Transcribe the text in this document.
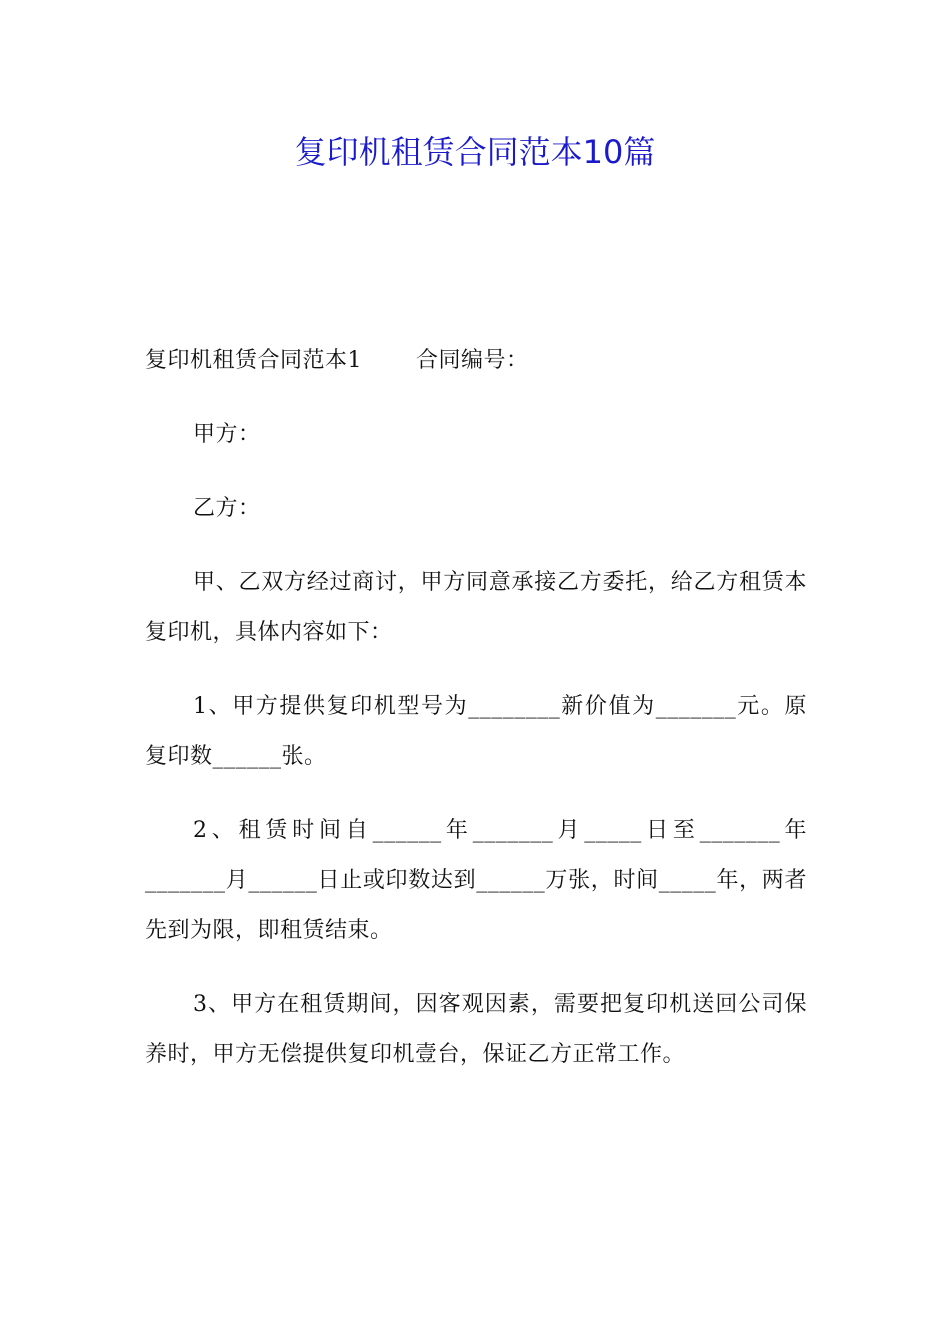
复印机租赁合同范本10篇

复印机租赁合同范本1 合同编号：

甲方：

乙方：

甲、乙双方经过商讨，甲方同意承接乙方委托，给乙方租赁本复印机，具体内容如下：

1、甲方提供复印机型号为________新价值为_______元。原复印数______张。

2、租赁时间自______年_______月_____日至_______年_______月______日止或印数达到______万张，时间_____年，两者先到为限，即租赁结束。

3、甲方在租赁期间，因客观因素，需要把复印机送回公司保养时，甲方无偿提供复印机壹台，保证乙方正常工作。
